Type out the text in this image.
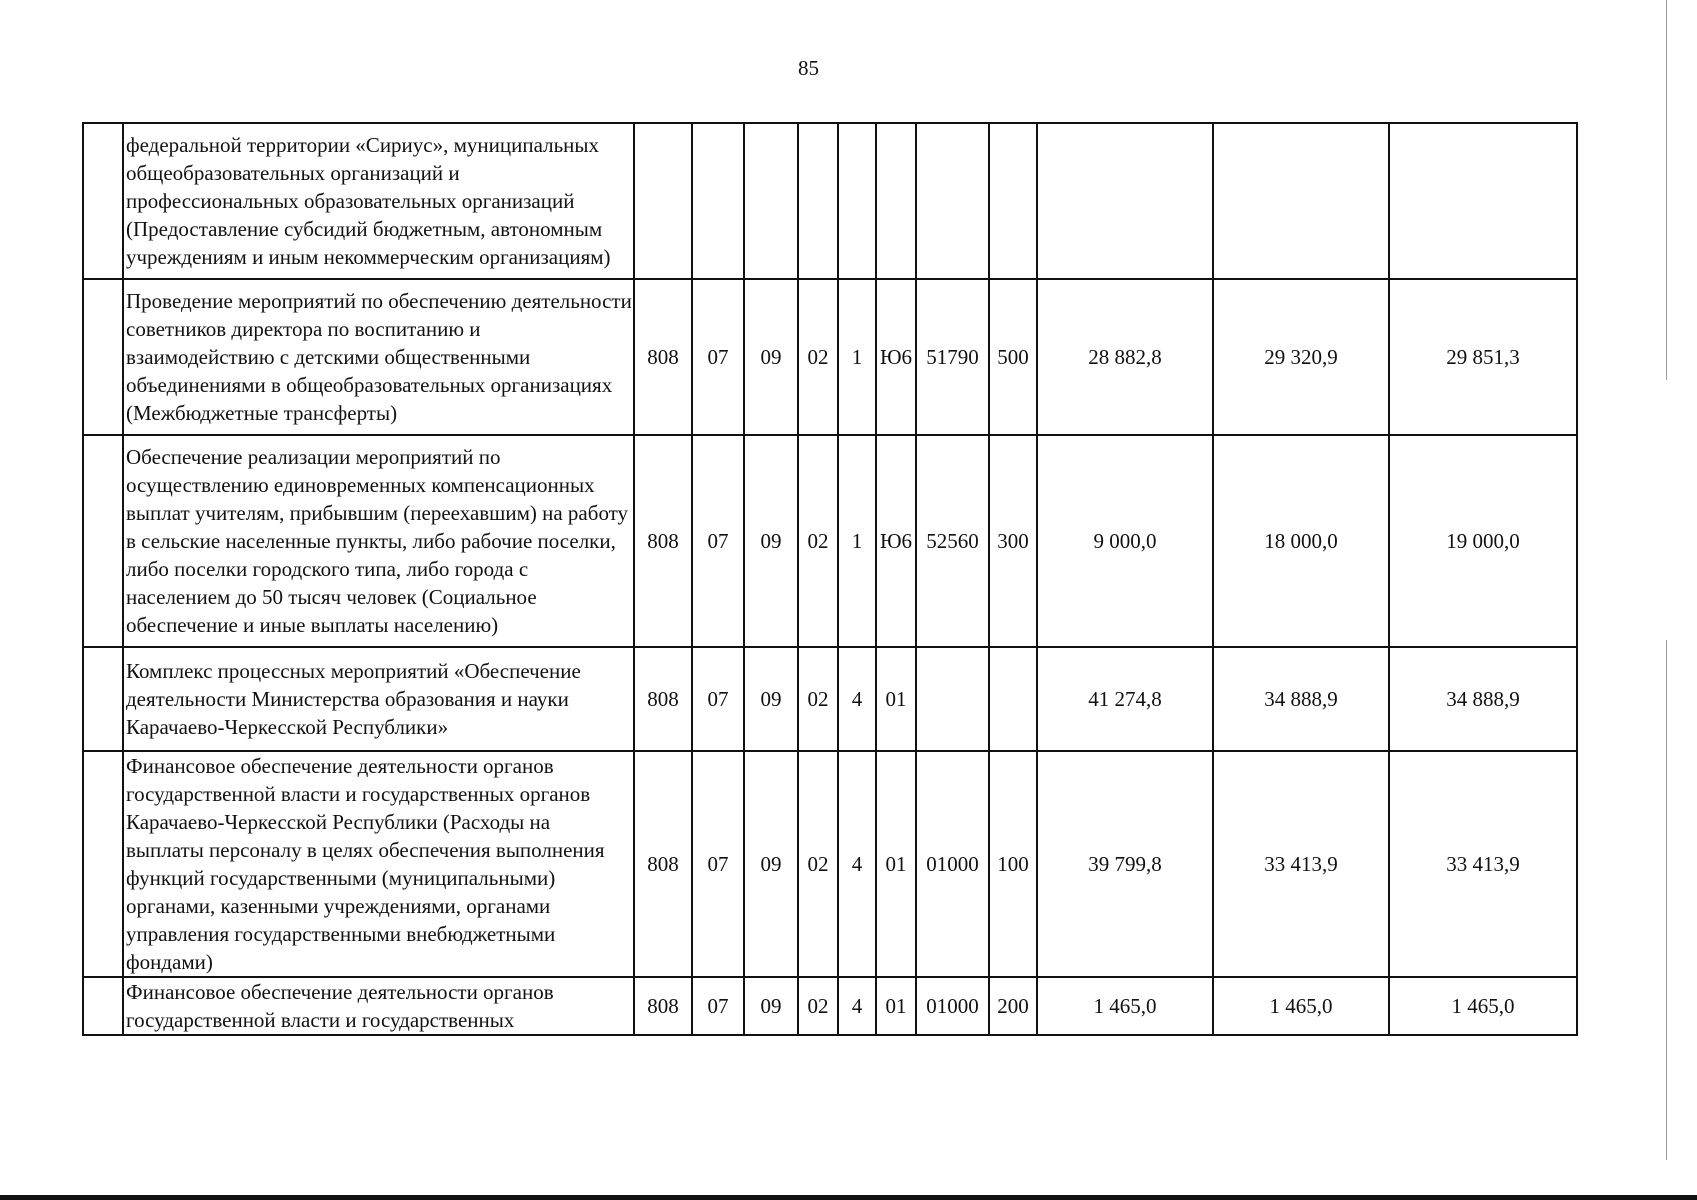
85
	федеральной территории «Сириус», муниципальных общеобразовательных организаций и профессиональных образовательных организаций (Предоставление субсидий бюджетным, автономным учреждениям и иным некоммерческим организациям)											
	Проведение мероприятий по обеспечению деятельности советников директора по воспитанию и взаимодействию с детскими общественными объединениями в общеобразовательных организациях (Межбюджетные трансферты)	808	07	09	02	1	Ю6	51790	500	28 882,8	29 320,9	29 851,3
	Обеспечение реализации мероприятий по осуществлению единовременных компенсационных выплат учителям, прибывшим (переехавшим) на работу в сельские населенные пункты, либо рабочие поселки, либо поселки городского типа, либо города с населением до 50 тысяч человек (Социальное обеспечение и иные выплаты населению)	808	07	09	02	1	Ю6	52560	300	9 000,0	18 000,0	19 000,0
	Комплекс процессных мероприятий «Обеспечение деятельности Министерства образования и науки Карачаево-Черкесской Республики»	808	07	09	02	4	01			41 274,8	34 888,9	34 888,9
	Финансовое обеспечение деятельности органов государственной власти и государственных органов Карачаево-Черкесской Республики (Расходы на выплаты персоналу в целях обеспечения выполнения функций государственными (муниципальными) органами, казенными учреждениями, органами управления государственными внебюджетными фондами)	808	07	09	02	4	01	01000	100	39 799,8	33 413,9	33 413,9
	Финансовое обеспечение деятельности органов государственной власти и государственных	808	07	09	02	4	01	01000	200	1 465,0	1 465,0	1 465,0
